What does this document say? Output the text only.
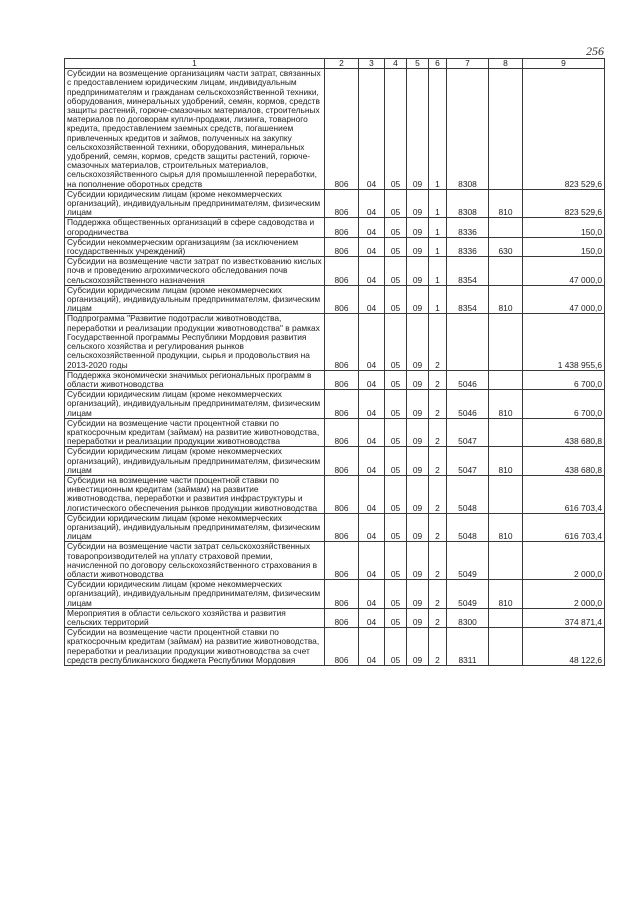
256
1	2	3	4	5	6	7	8	9
Субсидии на возмещение организациям части затрат, связанных с предоставлением юридическим лицам, индивидуальным предпринимателям и гражданам сельскохозяйственной техники, оборудования, минеральных удобрений, семян, кормов, средств защиты растений, горюче-смазочных материалов, строительных материалов по договорам купли-продажи, лизинга, товарного кредита, предоставлением заемных средств, погашением привлеченных кредитов и займов, полученных на закупку сельскохозяйственной техники, оборудования, минеральных удобрений, семян, кормов, средств защиты растений, горюче-смазочных материалов, строительных материалов, сельскохозяйственного сырья для промышленной переработки, на пополнение оборотных средств	806	04	05	09	1	8308		823 529,6
Субсидии юридическим лицам (кроме некоммерческих организаций), индивидуальным предпринимателям, физическим лицам	806	04	05	09	1	8308	810	823 529,6
Поддержка общественных организаций в сфере садоводства и огородничества	806	04	05	09	1	8336		150,0
Субсидии некоммерческим организациям (за исключением государственных учреждений)	806	04	05	09	1	8336	630	150,0
Субсидии на возмещение части затрат по известкованию кислых почв и проведению агрохимического обследования почв сельскохозяйственного назначения	806	04	05	09	1	8354		47 000,0
Субсидии юридическим лицам (кроме некоммерческих организаций), индивидуальным предпринимателям, физическим лицам	806	04	05	09	1	8354	810	47 000,0
Подпрограмма "Развитие подотрасли животноводства, переработки и реализации продукции животноводства" в рамках Государственной программы Республики Мордовия развития сельского хозяйства и регулирования рынков сельскохозяйственной продукции, сырья и продовольствия на 2013-2020 годы	806	04	05	09	2			1 438 955,6
Поддержка экономически значимых региональных программ в области животноводства	806	04	05	09	2	5046		6 700,0
Субсидии юридическим лицам (кроме некоммерческих организаций), индивидуальным предпринимателям, физическим лицам	806	04	05	09	2	5046	810	6 700,0
Субсидии на возмещение части процентной ставки по краткосрочным кредитам (займам) на развитие животноводства, переработки и реализации продукции животноводства	806	04	05	09	2	5047		438 680,8
Субсидии юридическим лицам (кроме некоммерческих организаций), индивидуальным предпринимателям, физическим лицам	806	04	05	09	2	5047	810	438 680,8
Субсидии на возмещение части процентной ставки по инвестиционным кредитам (займам) на развитие животноводства, переработки и развития инфраструктуры и логистического обеспечения рынков продукции животноводства	806	04	05	09	2	5048		616 703,4
Субсидии юридическим лицам (кроме некоммерческих организаций), индивидуальным предпринимателям, физическим лицам	806	04	05	09	2	5048	810	616 703,4
Субсидии на возмещение части затрат сельскохозяйственных товаропроизводителей на уплату страховой премии, начисленной по договору сельскохозяйственного страхования в области животноводства	806	04	05	09	2	5049		2 000,0
Субсидии юридическим лицам (кроме некоммерческих организаций), индивидуальным предпринимателям, физическим лицам	806	04	05	09	2	5049	810	2 000,0
Мероприятия в области сельского хозяйства и развития сельских территорий	806	04	05	09	2	8300		374 871,4
Субсидии на возмещение части процентной ставки по краткосрочным кредитам (займам) на развитие животноводства, переработки и реализации продукции животноводства за счет средств республиканского бюджета Республики Мордовия	806	04	05	09	2	8311		48 122,6
